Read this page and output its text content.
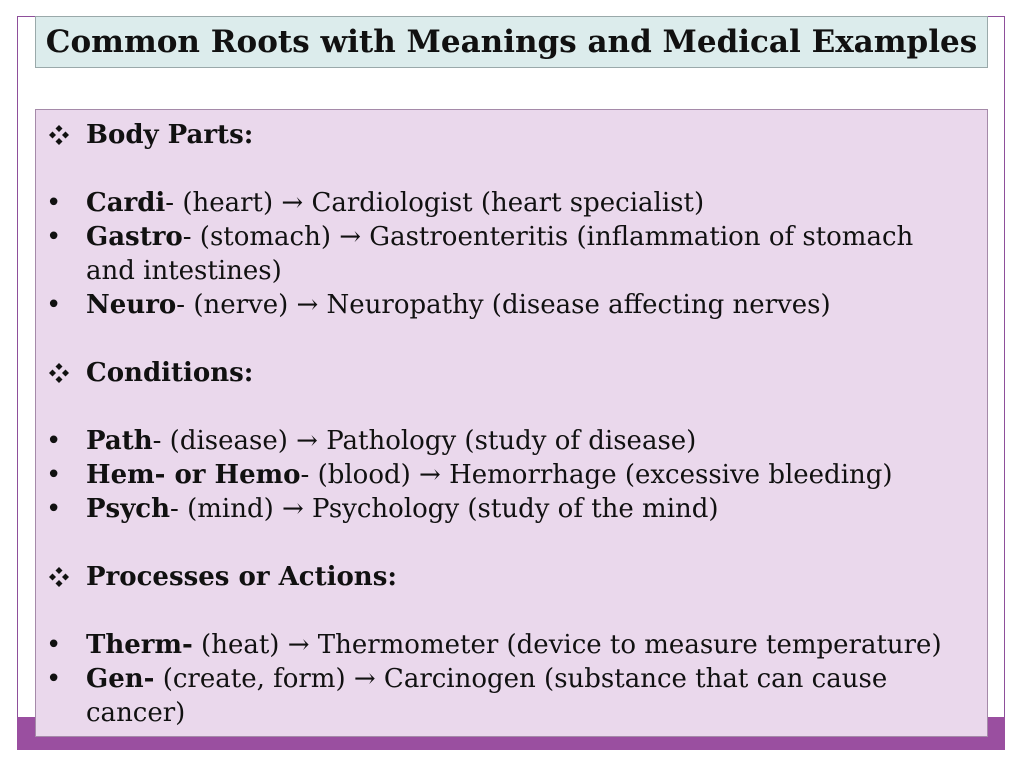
Common Roots with Meanings and Medical Examples
Body Parts:
• Cardi- (heart) → Cardiologist (heart specialist)
• Gastro- (stomach) → Gastroenteritis (inflammation of stomach
and intestines)
• Neuro- (nerve) → Neuropathy (disease affecting nerves)
Conditions:
• Path- (disease) → Pathology (study of disease)
• Hem- or Hemo- (blood) → Hemorrhage (excessive bleeding)
• Psych- (mind) → Psychology (study of the mind)
Processes or Actions:
• Therm- (heat) → Thermometer (device to measure temperature)
• Gen- (create, form) → Carcinogen (substance that can cause
cancer)
